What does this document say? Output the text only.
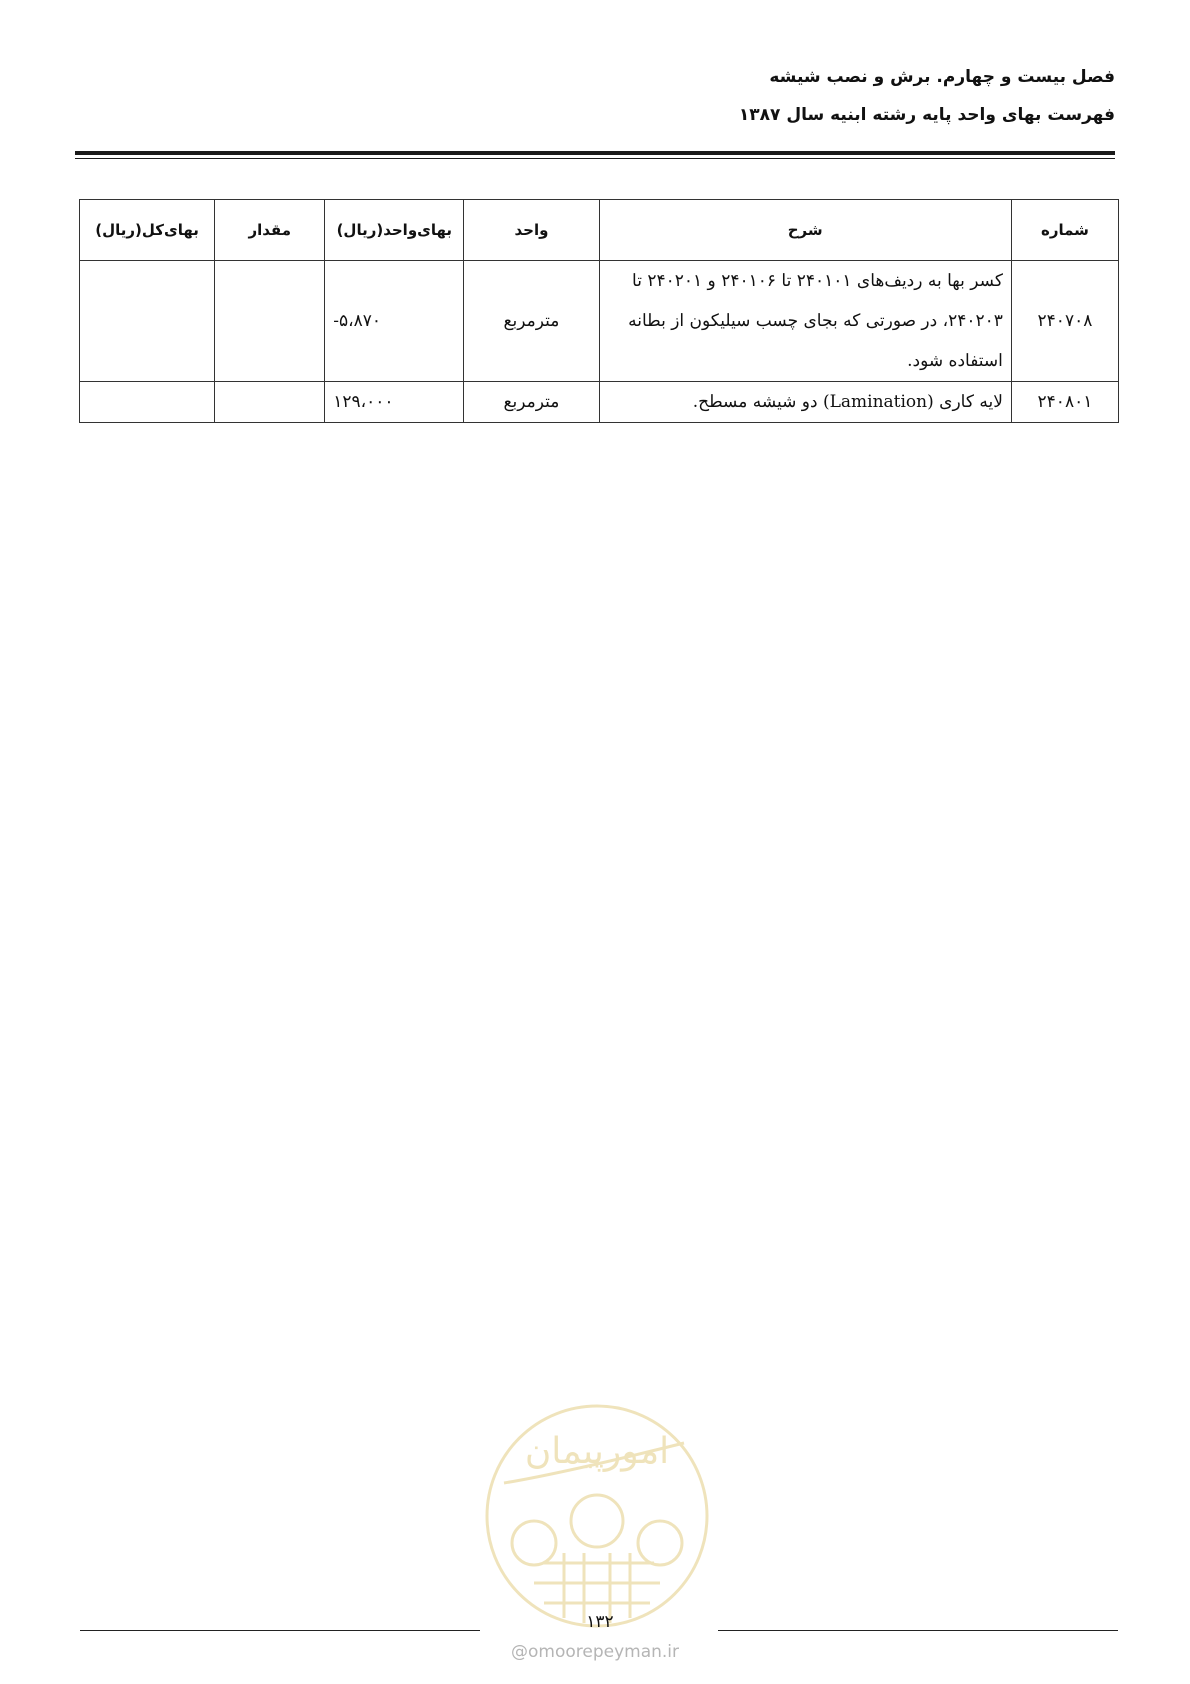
فصل بیست و چهارم. برش و نصب شیشه
فهرست بهای واحد پایه رشته ابنیه سال ۱۳۸۷
شماره	شرح	واحد	بهای‌واحد(ریال)	مقدار	بهای‌کل(ریال)
۲۴۰۷۰۸	کسر بها به ردیف‌های ۲۴۰۱۰۱ تا ۲۴۰۱۰۶ و ۲۴۰۲۰۱ تا ۲۴۰۲۰۳، در صورتی که بجای چسب سیلیکون از بطانه استفاده شود.	مترمربع	-۵،۸۷۰		
۲۴۰۸۰۱	لایه کاری (Lamination) دو شیشه مسطح.	مترمربع	۱۲۹،۰۰۰		
امورپیمان
۱۳۲
@omoorepeyman.ir
